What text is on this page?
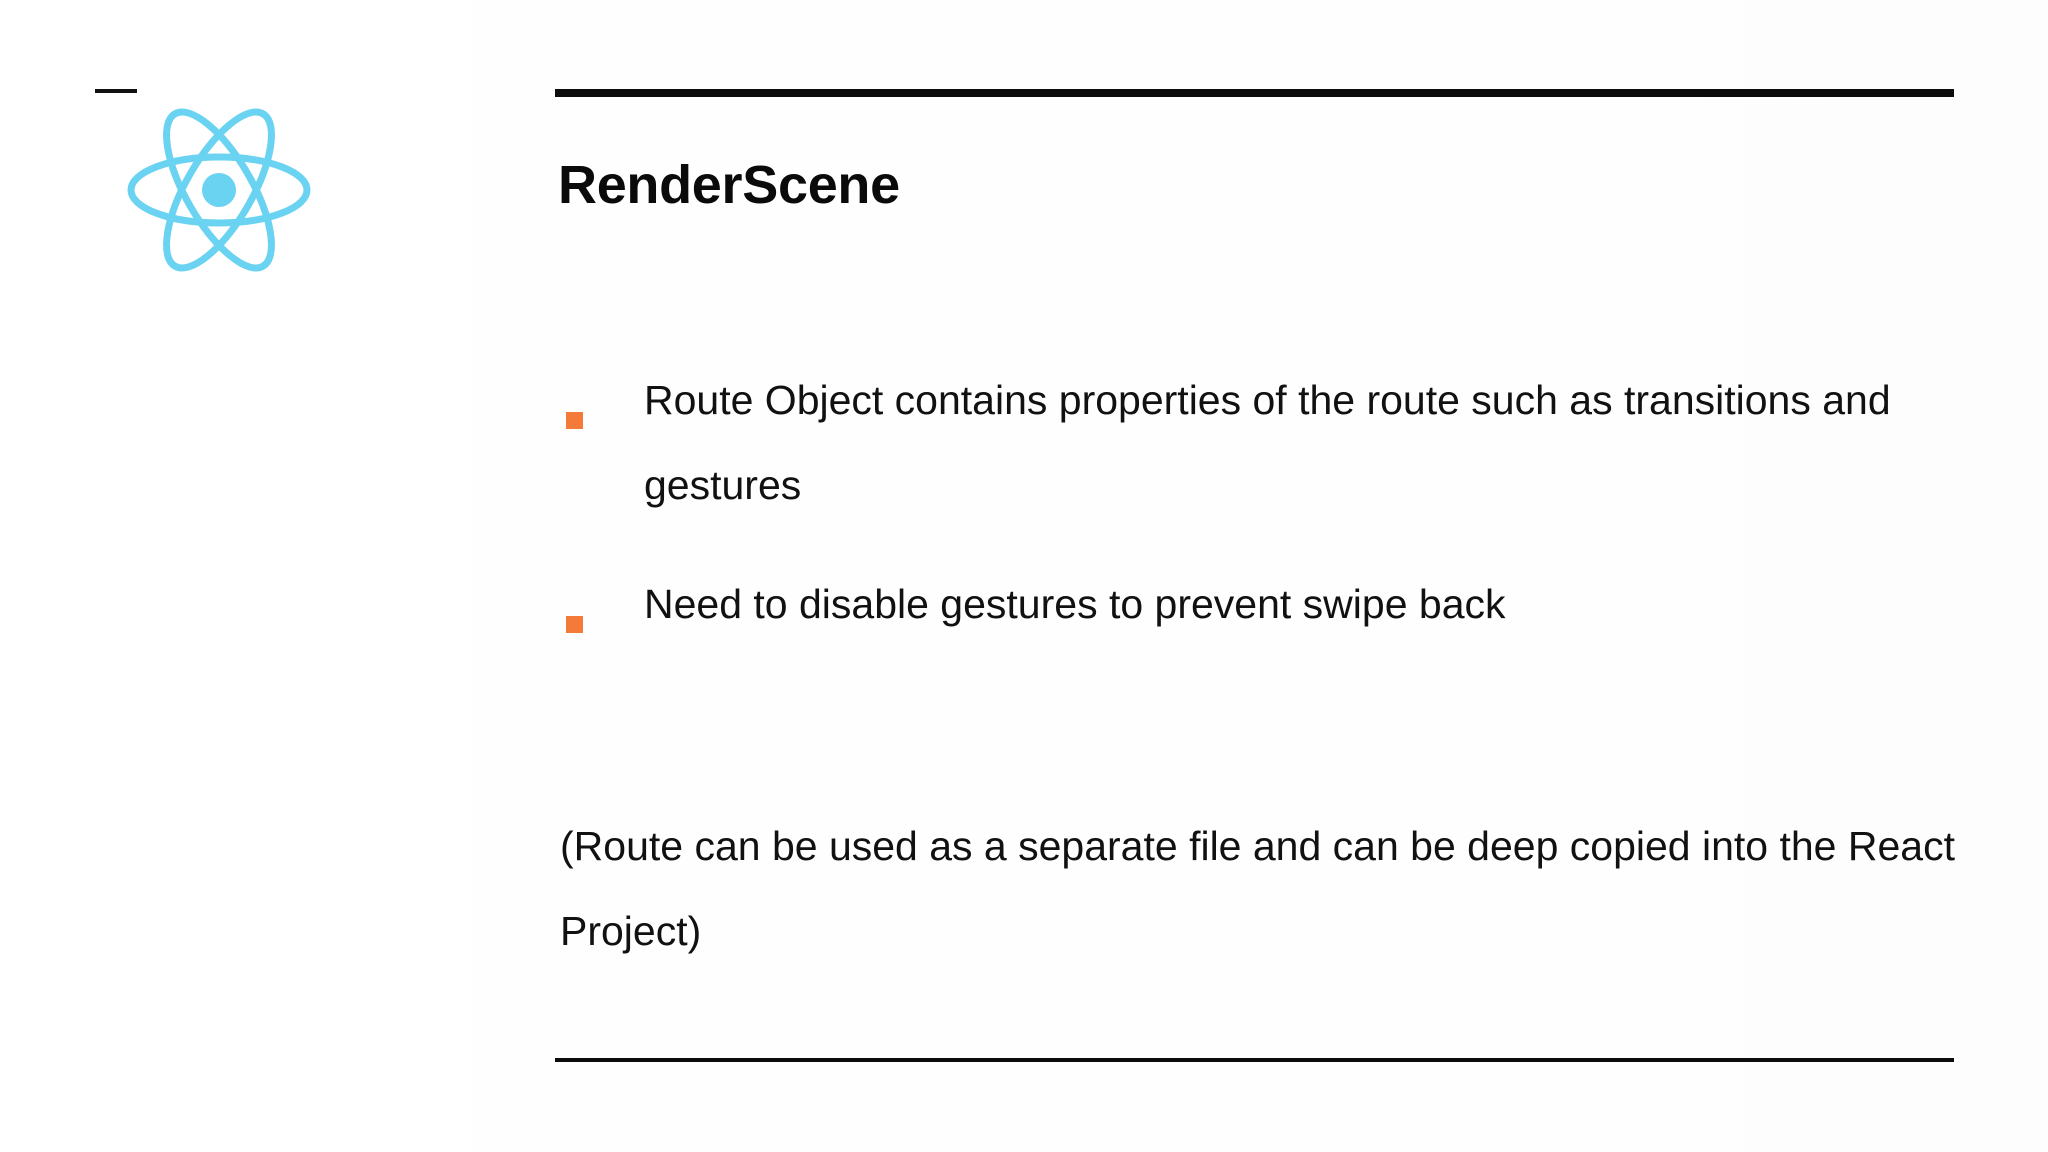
RenderScene
Route Object contains properties of the route such as transitions and gestures
Need to disable gestures to prevent swipe back
(Route can be used as a separate file and can be deep copied into the React Project)
